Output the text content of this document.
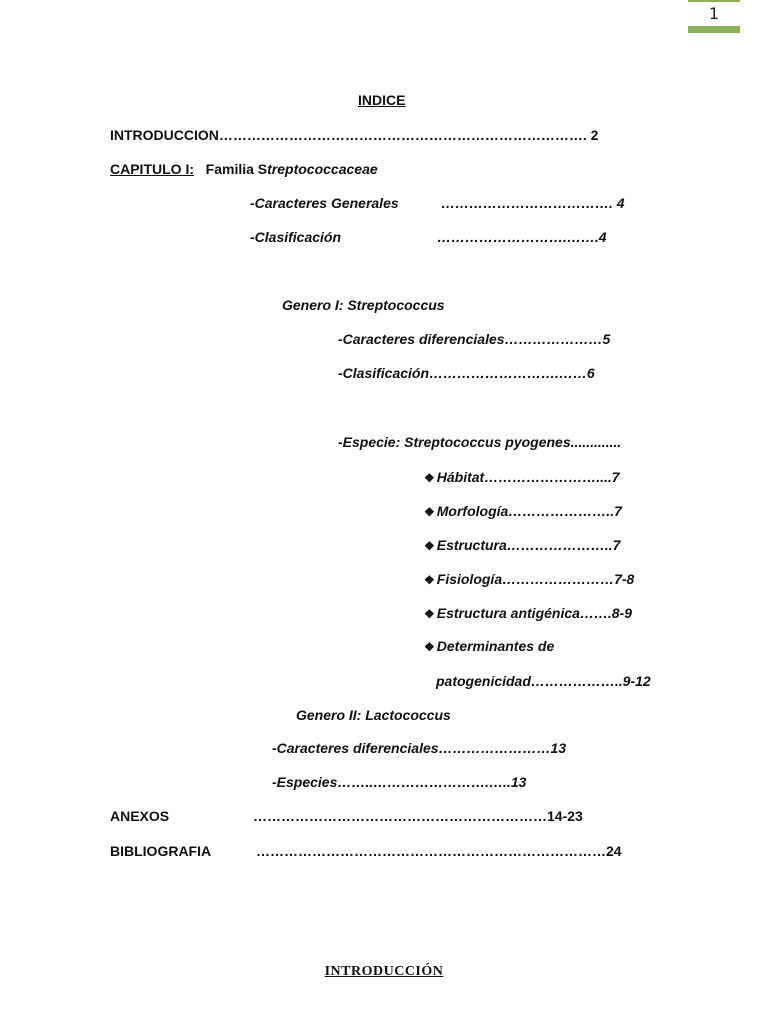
1
INDICE
INTRODUCCION……………………………………………………………………. 2
CAPITULO I: Familia Streptococcaceae
-Caracteres Generales	………………………………. 4
-Clasificación	……………………….…….4
Genero I: Streptococcus
-Caracteres diferenciales…………………5
-Clasificación……………………….……6
-Especie: Streptococcus pyogenes.............
❖ Hábitat……………………....7
❖ Morfología…………………..7
❖ Estructura…………………..7
❖ Fisiología……………………7-8
❖ Estructura antigénica…….8-9
❖ Determinantes de
patogenicidad………………..9-12
Genero II: Lactococcus
-Caracteres diferenciales……………………13
-Especies……..…………………….…..13
ANEXOS	………………………………………………………14-23
BIBLIOGRAFIA	…………………………………………………………………24
INTRODUCCIÓN
